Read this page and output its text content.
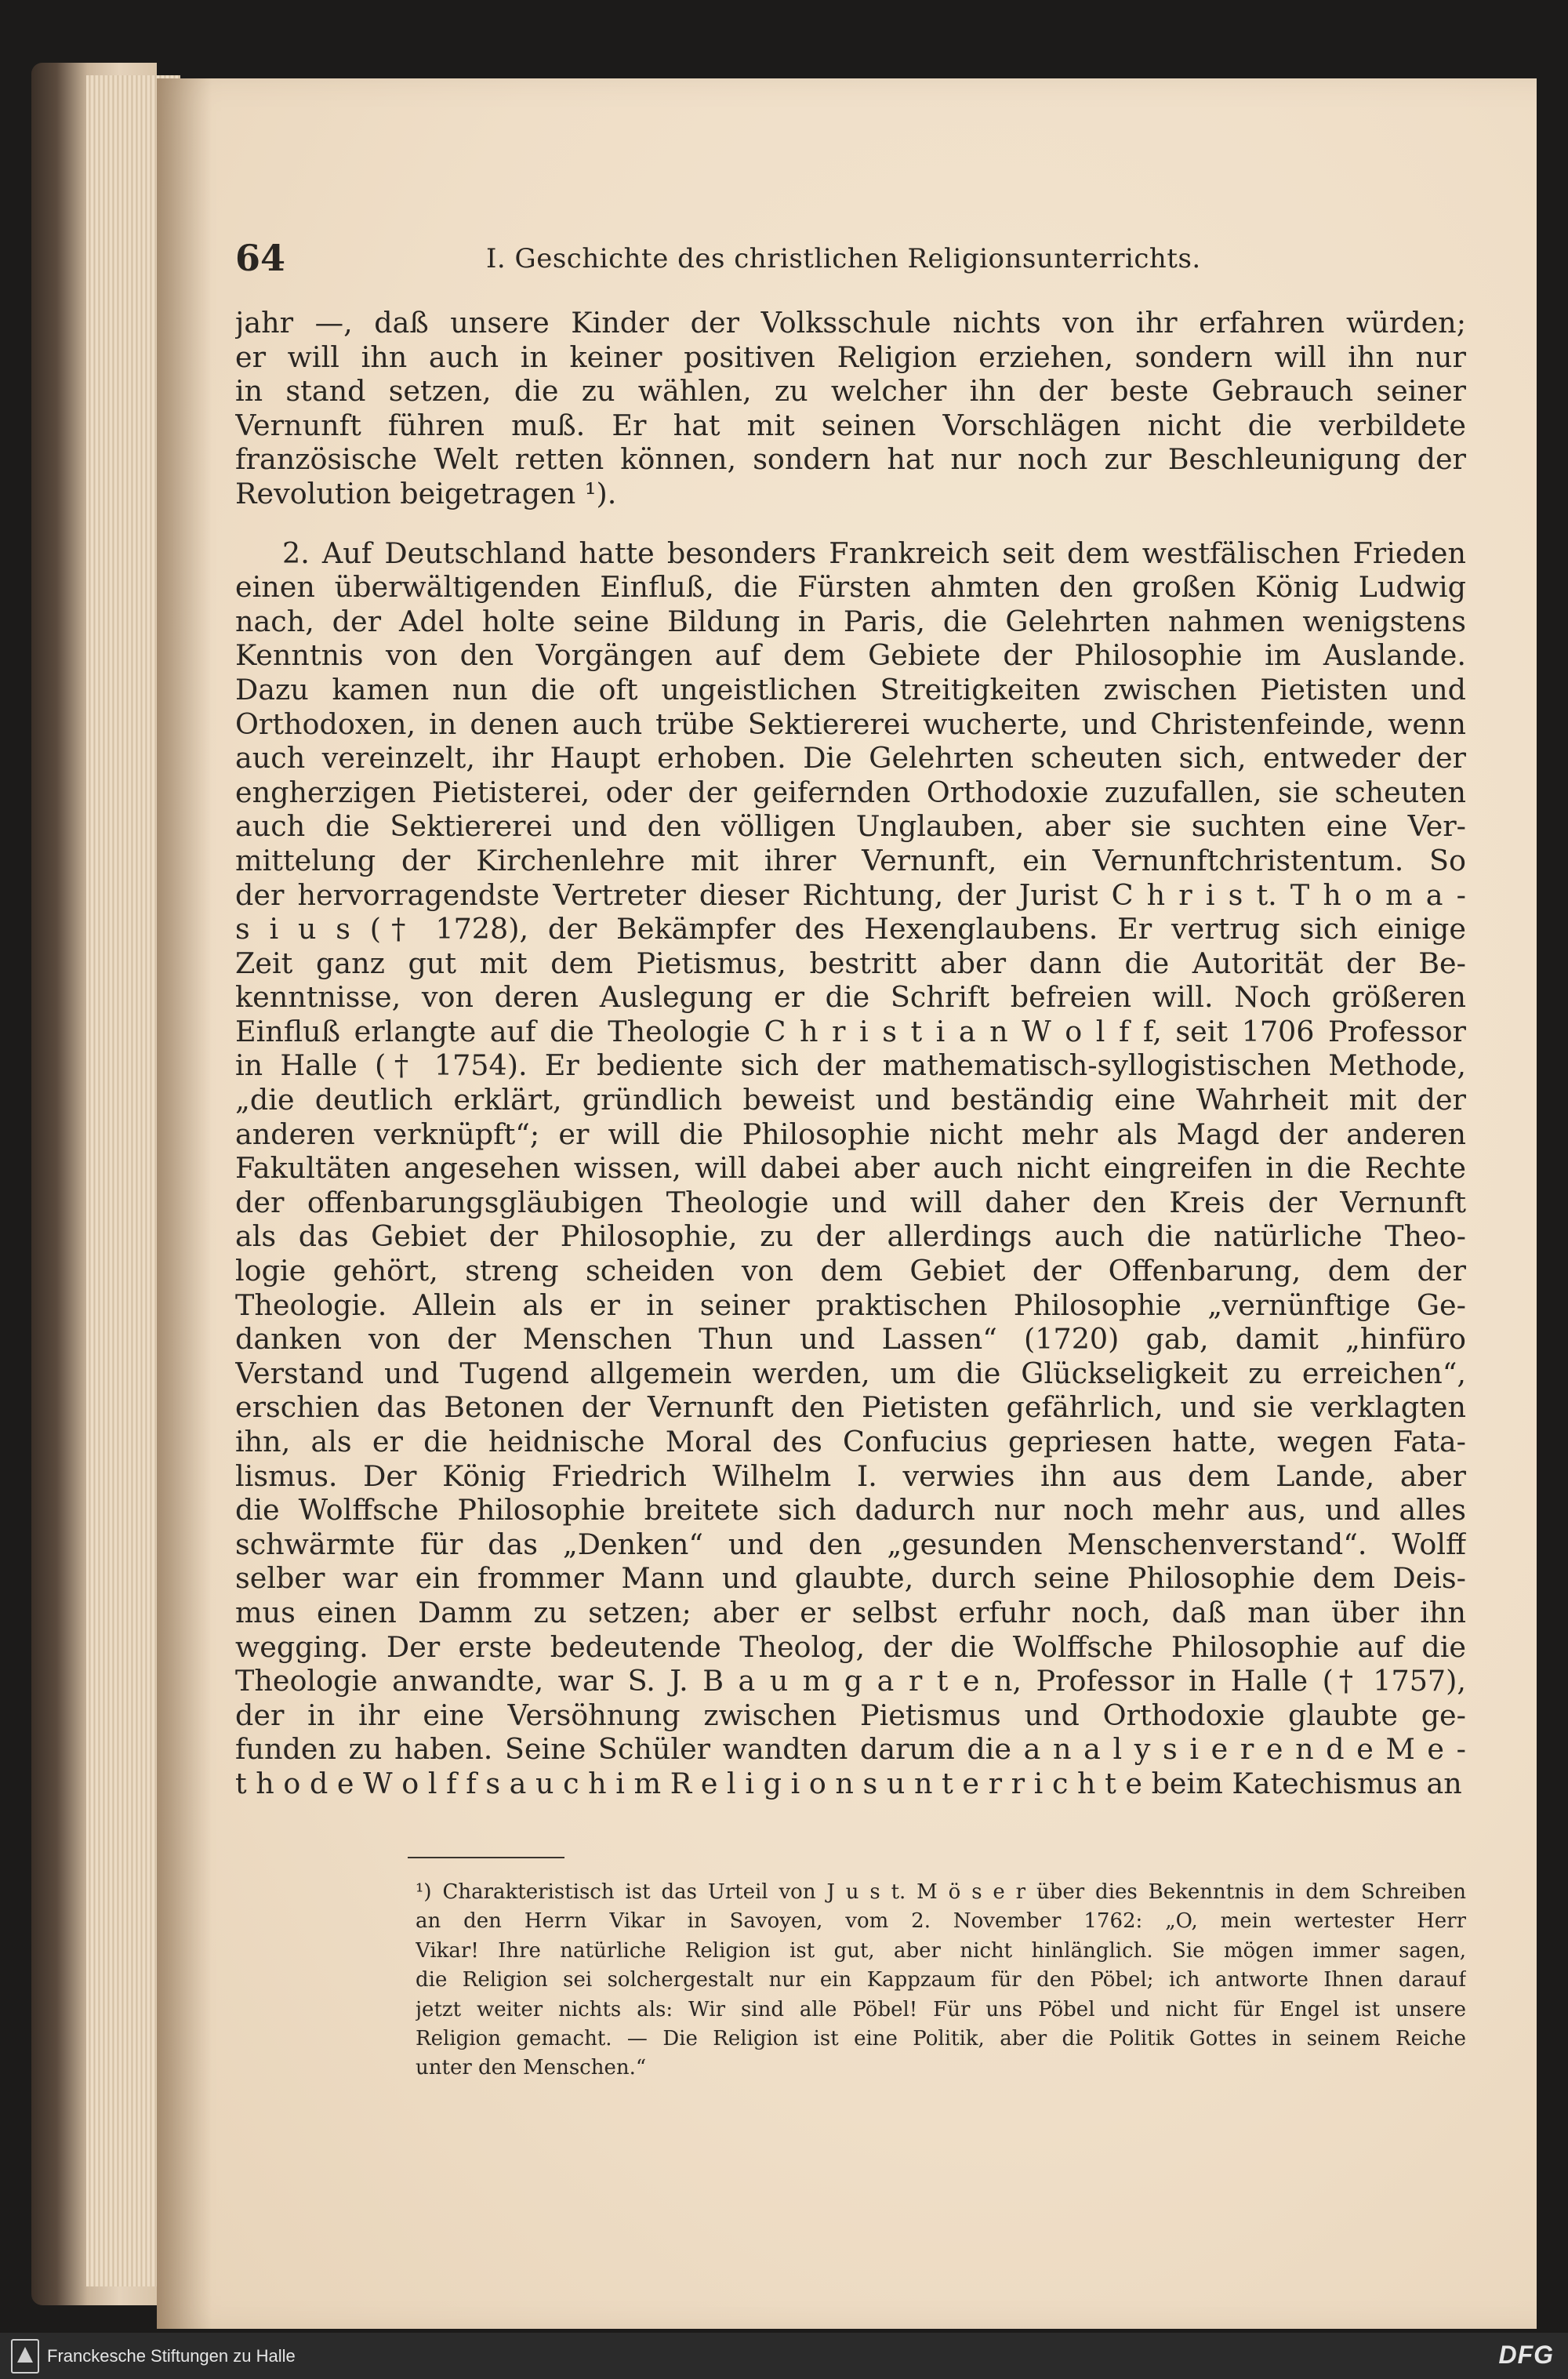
64	I. Geschichte des christlichen Religionsunterrichts.
jahr —, daß unsere Kinder der Volksschule nichts von ihr erfahren würden;
er will ihn auch in keiner positiven Religion erziehen, sondern will ihn nur
in stand setzen, die zu wählen, zu welcher ihn der beste Gebrauch seiner
Vernunft führen muß. Er hat mit seinen Vorschlägen nicht die verbildete
französische Welt retten können, sondern hat nur noch zur Beschleunigung der
Revolution beigetragen ¹).
2. Auf Deutschland hatte besonders Frankreich seit dem westfälischen Frieden
einen überwältigenden Einfluß, die Fürsten ahmten den großen König Ludwig
nach, der Adel holte seine Bildung in Paris, die Gelehrten nahmen wenigstens
Kenntnis von den Vorgängen auf dem Gebiete der Philosophie im Auslande.
Dazu kamen nun die oft ungeistlichen Streitigkeiten zwischen Pietisten und
Orthodoxen, in denen auch trübe Sektiererei wucherte, und Christenfeinde, wenn
auch vereinzelt, ihr Haupt erhoben. Die Gelehrten scheuten sich, entweder der
engherzigen Pietisterei, oder der geifernden Orthodoxie zuzufallen, sie scheuten
auch die Sektiererei und den völligen Unglauben, aber sie suchten eine Ver-
mittelung der Kirchenlehre mit ihrer Vernunft, ein Vernunftchristentum. So
der hervorragendste Vertreter dieser Richtung, der Jurist C h r i s t. T h o m a -
s i u s († 1728), der Bekämpfer des Hexenglaubens. Er vertrug sich einige
Zeit ganz gut mit dem Pietismus, bestritt aber dann die Autorität der Be-
kenntnisse, von deren Auslegung er die Schrift befreien will. Noch größeren
Einfluß erlangte auf die Theologie C h r i s t i a n W o l f f, seit 1706 Professor
in Halle († 1754). Er bediente sich der mathematisch-syllogistischen Methode,
„die deutlich erklärt, gründlich beweist und beständig eine Wahrheit mit der
anderen verknüpft“; er will die Philosophie nicht mehr als Magd der anderen
Fakultäten angesehen wissen, will dabei aber auch nicht eingreifen in die Rechte
der offenbarungsgläubigen Theologie und will daher den Kreis der Vernunft
als das Gebiet der Philosophie, zu der allerdings auch die natürliche Theo-
logie gehört, streng scheiden von dem Gebiet der Offenbarung, dem der
Theologie. Allein als er in seiner praktischen Philosophie „vernünftige Ge-
danken von der Menschen Thun und Lassen“ (1720) gab, damit „hinfüro
Verstand und Tugend allgemein werden, um die Glückseligkeit zu erreichen“,
erschien das Betonen der Vernunft den Pietisten gefährlich, und sie verklagten
ihn, als er die heidnische Moral des Confucius gepriesen hatte, wegen Fata-
lismus. Der König Friedrich Wilhelm I. verwies ihn aus dem Lande, aber
die Wolffsche Philosophie breitete sich dadurch nur noch mehr aus, und alles
schwärmte für das „Denken“ und den „gesunden Menschenverstand“. Wolff
selber war ein frommer Mann und glaubte, durch seine Philosophie dem Deis-
mus einen Damm zu setzen; aber er selbst erfuhr noch, daß man über ihn
wegging. Der erste bedeutende Theolog, der die Wolffsche Philosophie auf die
Theologie anwandte, war S. J. B a u m g a r t e n, Professor in Halle († 1757),
der in ihr eine Versöhnung zwischen Pietismus und Orthodoxie glaubte ge-
funden zu haben. Seine Schüler wandten darum die a n a l y s i e r e n d e M e -
t h o d e W o l f f s a u c h i m R e l i g i o n s u n t e r r i c h t e beim Katechismus an
¹) Charakteristisch ist das Urteil von J u s t. M ö s e r über dies Bekenntnis in dem Schreiben
an den Herrn Vikar in Savoyen, vom 2. November 1762: „O, mein wertester Herr
Vikar! Ihre natürliche Religion ist gut, aber nicht hinlänglich. Sie mögen immer sagen,
die Religion sei solchergestalt nur ein Kappzaum für den Pöbel; ich antworte Ihnen darauf
jetzt weiter nichts als: Wir sind alle Pöbel! Für uns Pöbel und nicht für Engel ist unsere
Religion gemacht. — Die Religion ist eine Politik, aber die Politik Gottes in seinem Reiche
unter den Menschen.“
Franckesche Stiftungen zu Halle	DFG
